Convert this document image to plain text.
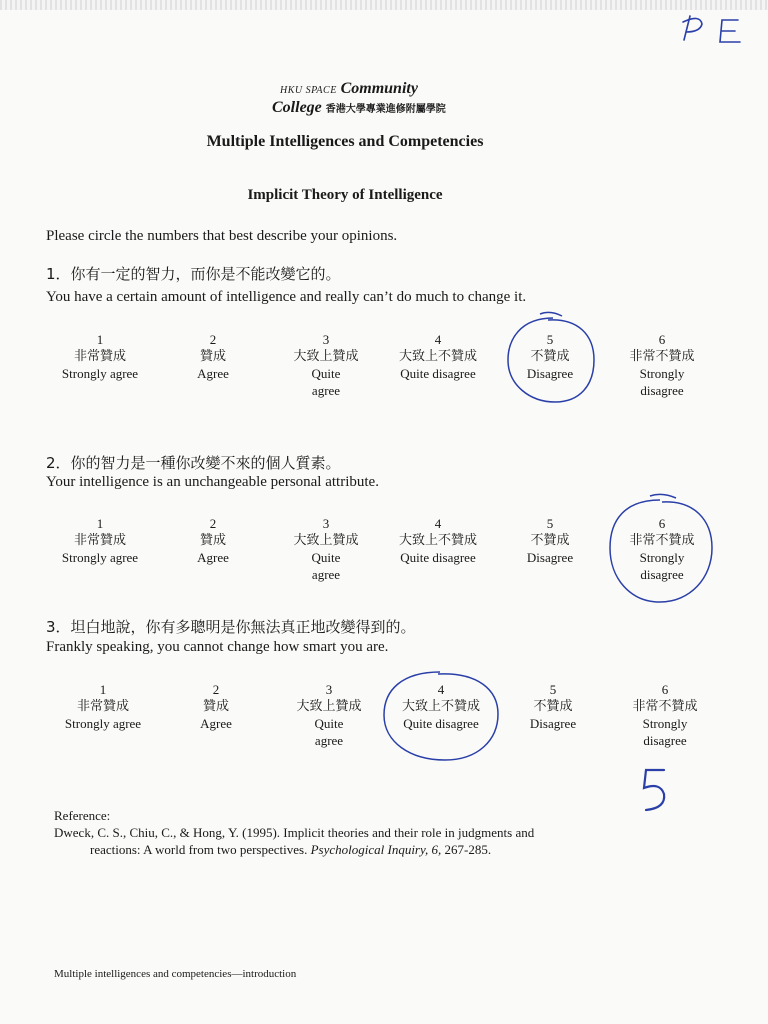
HKU SPACE Community
College 香港大學專業進修附屬學院
Multiple Intelligences and Competencies
Implicit Theory of Intelligence
Please circle the numbers that best describe your opinions.
1．你有一定的智力，而你是不能改變它的。
You have a certain amount of intelligence and really can’t do much to change it.
2．你的智力是一種你改變不來的個人質素。
Your intelligence is an unchangeable personal attribute.
3．坦白地說，你有多聰明是你無法真正地改變得到的。
Frankly speaking, you cannot change how smart you are.
1
非常贊成
Strongly agree
2
贊成
Agree
3
大致上贊成
Quite
agree
4
大致上不贊成
Quite disagree
5
不贊成
Disagree
6
非常不贊成
Strongly
disagree
1
非常贊成
Strongly agree
2
贊成
Agree
3
大致上贊成
Quite
agree
4
大致上不贊成
Quite disagree
5
不贊成
Disagree
6
非常不贊成
Strongly
disagree
1
非常贊成
Strongly agree
2
贊成
Agree
3
大致上贊成
Quite
agree
4
大致上不贊成
Quite disagree
5
不贊成
Disagree
6
非常不贊成
Strongly
disagree
Reference:
Dweck, C. S., Chiu, C., & Hong, Y. (1995). Implicit theories and their role in judgments and
reactions: A world from two perspectives. Psychological Inquiry, 6, 267-285.
Multiple intelligences and competencies—introduction
